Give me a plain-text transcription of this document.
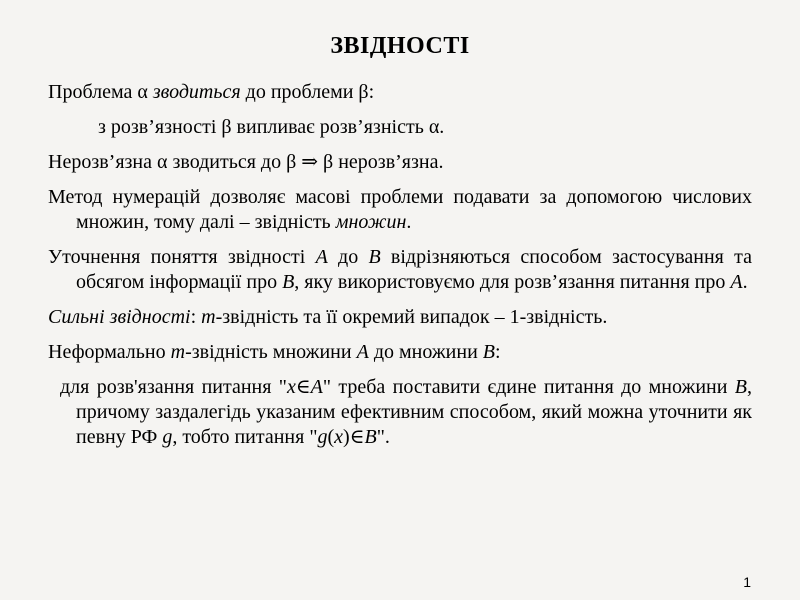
ЗВІДНОСТІ

Проблема α зводиться до проблеми β:

з розв’язності β випливає розв’язність α.

Нерозв’язна α зводиться до β ⇒ β нерозв’язна.

Метод нумерацій дозволяє масові проблеми подавати за допомогою числових множин, тому далі – звідність множин.

Уточнення поняття звідності A до B відрізняються способом застосування та обсягом інформації про B, яку використовуємо для розв’язання питання про A.

Сильні звідності: m-звідність та її окремий випадок – 1-звідність.

Неформально m-звідність множини A до множини B:

для розв'язання питання "x∈A" треба поставити єдине питання до множини B, причому заздалегідь указаним ефективним способом, який можна уточнити як певну РФ g, тобто питання "g(x)∈B".

1
